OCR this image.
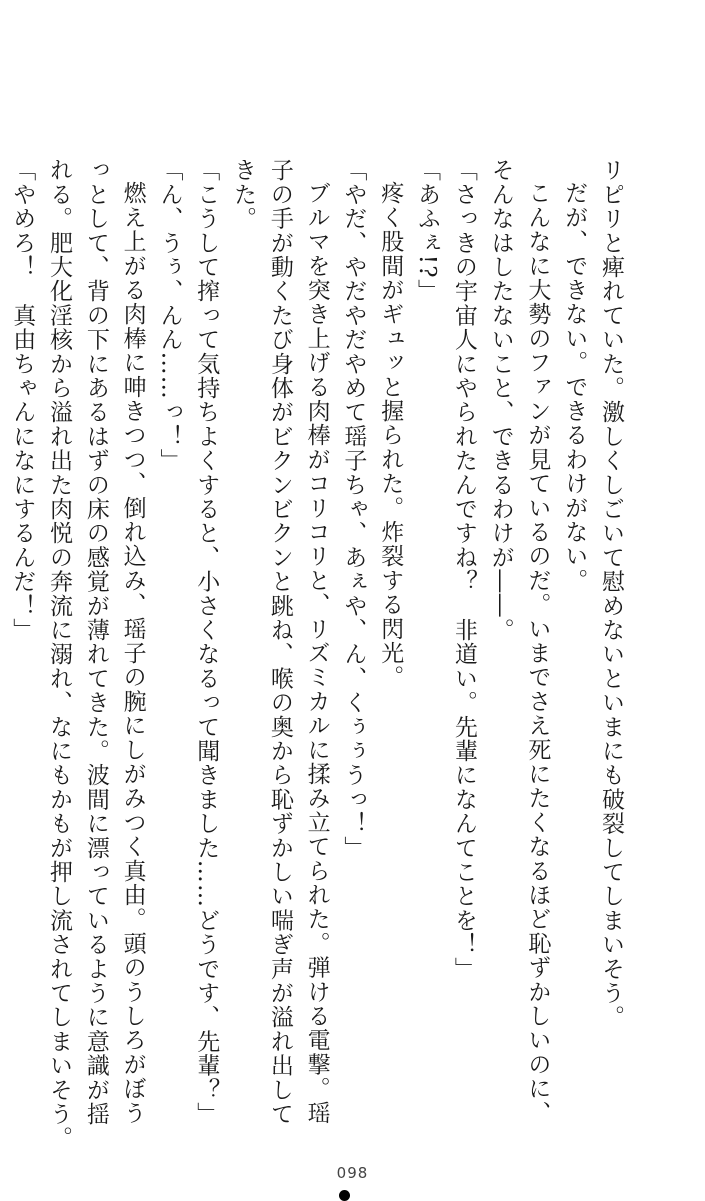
リピリと痺れていた。激しくしごいて慰めないといまにも破裂してしまいそう。
だが、できない。できるわけがない。
こんなに大勢のファンが見ているのだ。いまでさえ死にたくなるほど恥ずかしいのに、
そんなはしたないこと、できるわけが――。
「さっきの宇宙人にやられたんですね？　非道い。先輩になんてことを！」
「あふぇ!?」
疼く股間がギュッと握られた。炸裂する閃光。
「やだ、やだやだやめて瑶子ちゃ、あぇや、ん、くぅぅうっ！」
ブルマを突き上げる肉棒がコリコリと、リズミカルに揉み立てられた。弾ける電撃。瑶
子の手が動くたび身体がビクンビクンと跳ね、喉の奥から恥ずかしい喘ぎ声が溢れ出して
きた。
「こうして搾って気持ちよくすると、小さくなるって聞きました……どうです、先輩？」
「ん、うぅ、んん……っ！」
燃え上がる肉棒に呻きつつ、倒れ込み、瑶子の腕にしがみつく真由。頭のうしろがぼう
っとして、背の下にあるはずの床の感覚が薄れてきた。波間に漂っているように意識が揺
れる。肥大化淫核から溢れ出た肉悦の奔流に溺れ、なにもかもが押し流されてしまいそう。
「やめろ！　真由ちゃんになにするんだ！」
098
